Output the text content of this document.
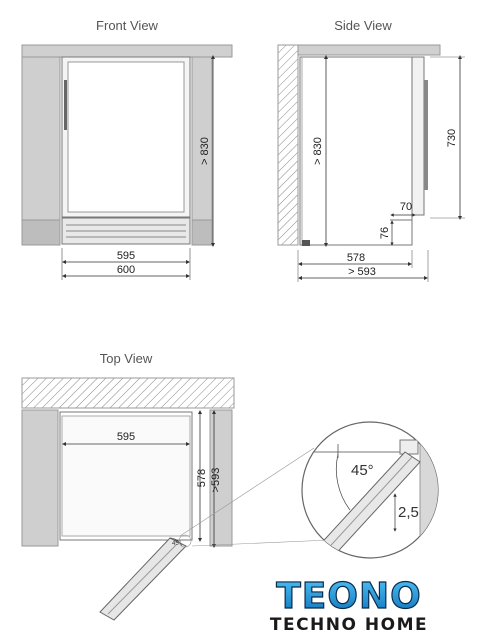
Front View
595
600
> 830
Side View
> 830	730
70
76
578
> 593
Top View
595
578 >593
45°
45°
2,5
TEONO
TECHNO HOME
